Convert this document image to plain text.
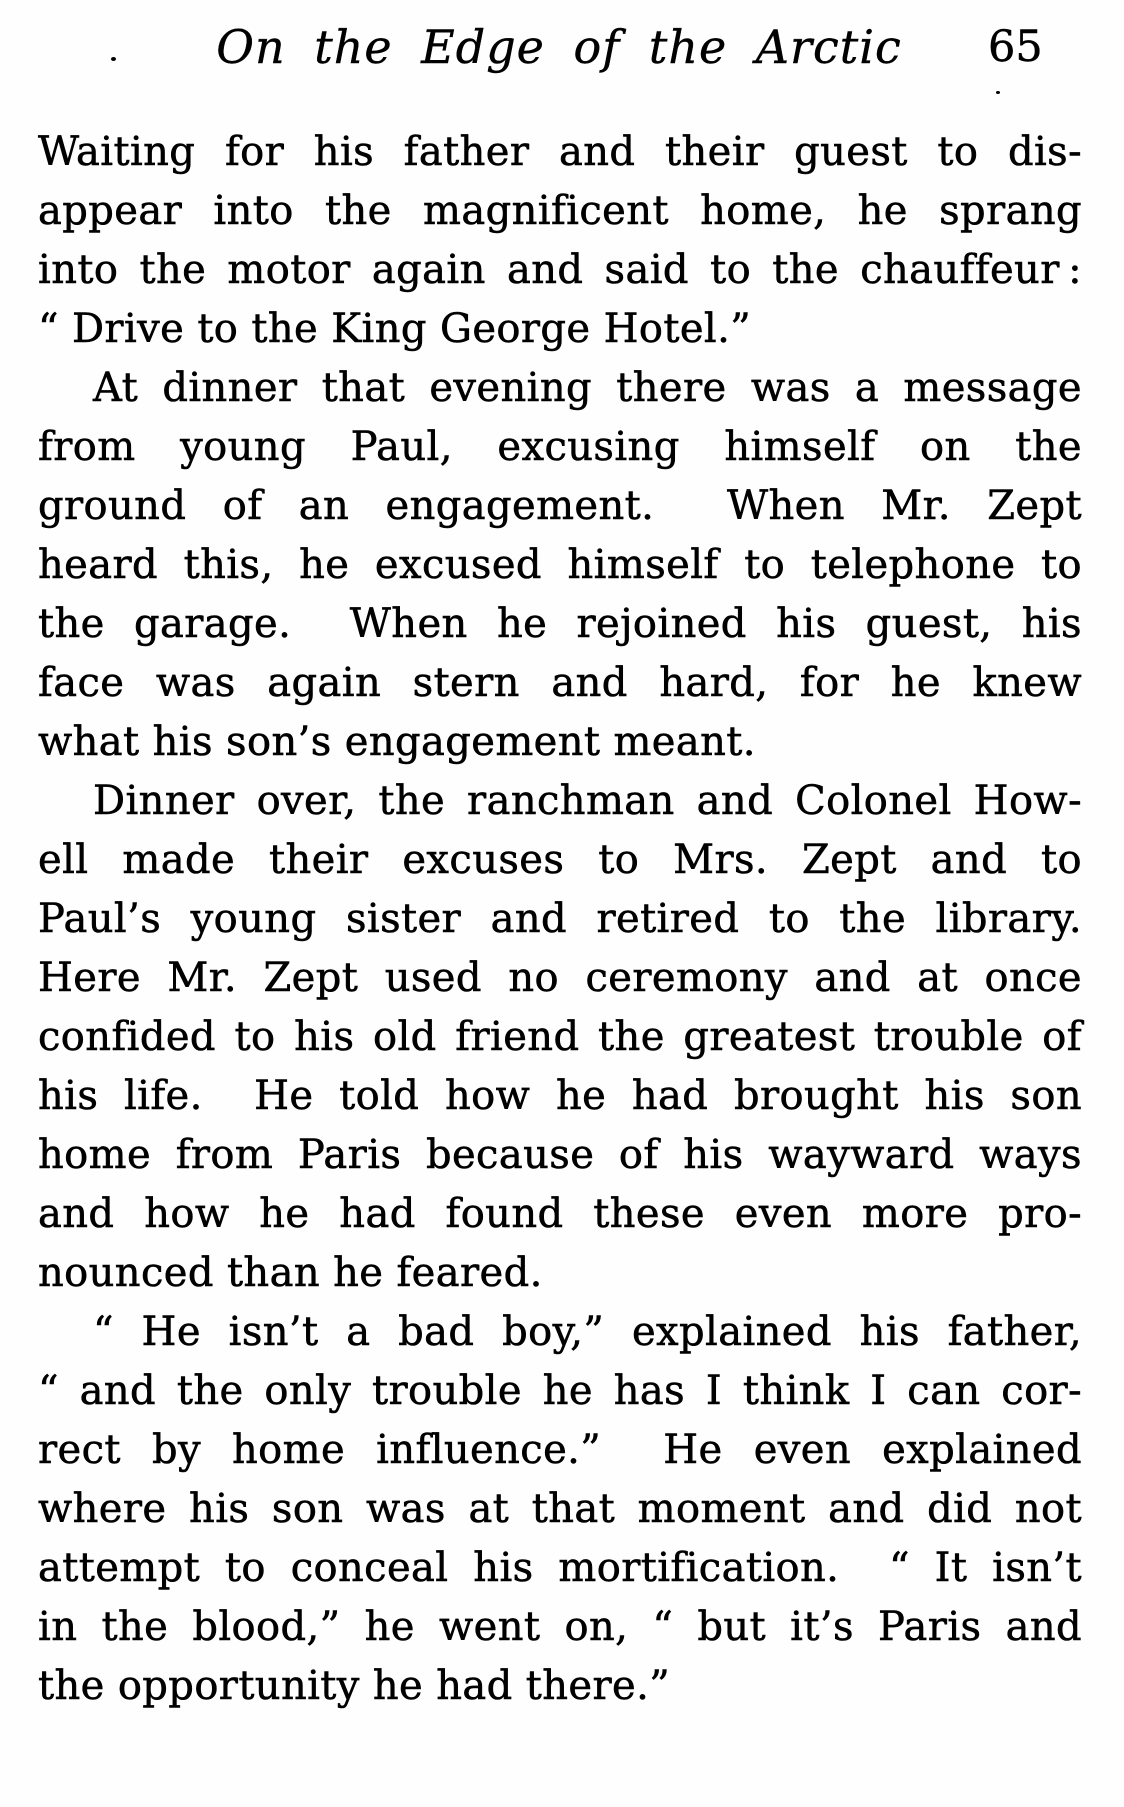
On the Edge of the Arctic	65
Waiting for his father and their guest to dis-
appear into the magnificent home, he sprang
into the motor again and said to the chauffeur :
“ Drive to the King George Hotel.”
At dinner that evening there was a message
from young Paul, excusing himself on the
ground of an engagement.  When Mr. Zept
heard this, he excused himself to telephone to
the garage.  When he rejoined his guest, his
face was again stern and hard, for he knew
what his son’s engagement meant.
Dinner over, the ranchman and Colonel How-
ell made their excuses to Mrs. Zept and to
Paul’s young sister and retired to the library.
Here Mr. Zept used no ceremony and at once
confided to his old friend the greatest trouble of
his life.  He told how he had brought his son
home from Paris because of his wayward ways
and how he had found these even more pro-
nounced than he feared.
“ He isn’t a bad boy,” explained his father,
“ and the only trouble he has I think I can cor-
rect by home influence.”  He even explained
where his son was at that moment and did not
attempt to conceal his mortification.  “ It isn’t
in the blood,” he went on, “ but it’s Paris and
the opportunity he had there.”
